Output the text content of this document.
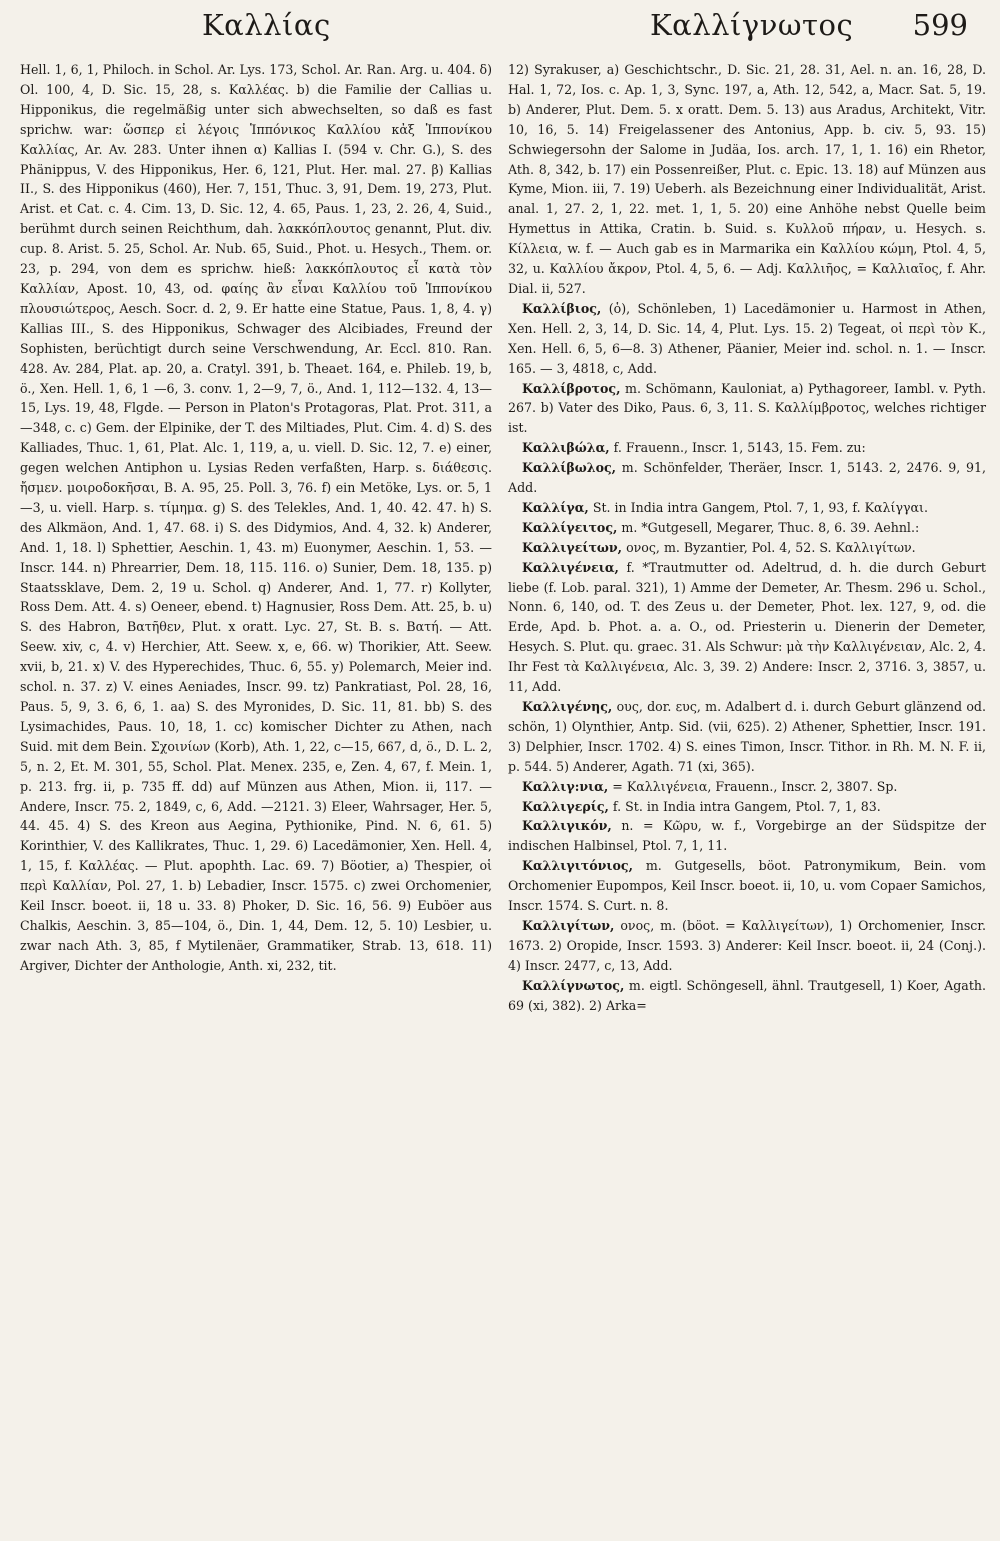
Καλλίας	Καλλίγνωτος 599

Hell. 1, 6, 1, Philoch. in Schol. Ar. Lys. 173, Schol. Ar. Ran. Arg. u. 404. δ) Ol. 100, 4, D. Sic. 15, 28, s. Καλλέας. b) die Familie der Callias u. Hipponikus, die regelmäßig unter sich abwechselten, so daß es fast sprichw. war: ὥσπερ εἰ λέγοις Ἱππόνικος Καλλίου κἀξ Ἱππονίκου Καλλίας, Ar. Av. 283. Unter ihnen α) Kallias I. (594 v. Chr. G.), S. des Phänippus, V. des Hipponikus, Her. 6, 121, Plut. Her. mal. 27. β) Kallias II., S. des Hipponikus (460), Her. 7, 151, Thuc. 3, 91, Dem. 19, 273, Plut. Arist. et Cat. c. 4. Cim. 13, D. Sic. 12, 4. 65, Paus. 1, 23, 2. 26, 4, Suid., berühmt durch seinen Reichthum, dah. λακκόπλουτος genannt, Plut. div. cup. 8. Arist. 5. 25, Schol. Ar. Nub. 65, Suid., Phot. u. Hesych., Them. or. 23, p. 294, von dem es sprichw. hieß: λακκόπλουτος εἶ κατὰ τὸν Καλλίαν, Apost. 10, 43, od. φαίης ἂν εἶναι Καλλίου τοῦ Ἱππονίκου πλουσιώτερος, Aesch. Socr. d. 2, 9. Er hatte eine Statue, Paus. 1, 8, 4. γ) Kallias III., S. des Hipponikus, Schwager des Alcibiades, Freund der Sophisten, berüchtigt durch seine Verschwendung, Ar. Eccl. 810. Ran. 428. Av. 284, Plat. ap. 20, a. Cratyl. 391, b. Theaet. 164, e. Phileb. 19, b, ö., Xen. Hell. 1, 6, 1 —6, 3. conv. 1, 2—9, 7, ö., And. 1, 112—132. 4, 13—15, Lys. 19, 48, Flgde. — Person in Platon's Protagoras, Plat. Prot. 311, a—348, c. c) Gem. der Elpinike, der T. des Miltiades, Plut. Cim. 4. d) S. des Kalliades, Thuc. 1, 61, Plat. Alc. 1, 119, a, u. viell. D. Sic. 12, 7. e) einer, gegen welchen Antiphon u. Lysias Reden verfaßten, Harp. s. διάθεσις. ἤσμεν. μοιροδοκῆσαι, B. A. 95, 25. Poll. 3, 76. f) ein Metöke, Lys. or. 5, 1—3, u. viell. Harp. s. τίμημα. g) S. des Telekles, And. 1, 40. 42. 47. h) S. des Alkmäon, And. 1, 47. 68. i) S. des Didymios, And. 4, 32. k) Anderer, And. 1, 18. l) Sphettier, Aeschin. 1, 43. m) Euonymer, Aeschin. 1, 53. — Inscr. 144. n) Phrearrier, Dem. 18, 115. 116. o) Sunier, Dem. 18, 135. p) Staatssklave, Dem. 2, 19 u. Schol. q) Anderer, And. 1, 77. r) Kollyter, Ross Dem. Att. 4. s) Oeneer, ebend. t) Hagnusier, Ross Dem. Att. 25, b. u) S. des Habron, Βατῆθεν, Plut. x oratt. Lyc. 27, St. B. s. Βατή. — Att. Seew. xiv, c, 4. v) Herchier, Att. Seew. x, e, 66. w) Thorikier, Att. Seew. xvii, b, 21. x) V. des Hyperechides, Thuc. 6, 55. y) Polemarch, Meier ind. schol. n. 37. z) V. eines Aeniades, Inscr. 99. tz) Pankratiast, Pol. 28, 16, Paus. 5, 9, 3. 6, 6, 1. aa) S. des Myronides, D. Sic. 11, 81. bb) S. des Lysimachides, Paus. 10, 18, 1. cc) komischer Dichter zu Athen, nach Suid. mit dem Bein. Σχοινίων (Korb), Ath. 1, 22, c—15, 667, d, ö., D. L. 2, 5, n. 2, Et. M. 301, 55, Schol. Plat. Menex. 235, e, Zen. 4, 67, f. Mein. 1, p. 213. frg. ii, p. 735 ff. dd) auf Münzen aus Athen, Mion. ii, 117. — Andere, Inscr. 75. 2, 1849, c, 6, Add. —2121. 3) Eleer, Wahrsager, Her. 5, 44. 45. 4) S. des Kreon aus Aegina, Pythionike, Pind. N. 6, 61. 5) Korinthier, V. des Kallikrates, Thuc. 1, 29. 6) Lacedämonier, Xen. Hell. 4, 1, 15, f. Καλλέας. — Plut. apophth. Lac. 69. 7) Böotier, a) Thespier, οἱ περὶ Καλλίαν, Pol. 27, 1. b) Lebadier, Inscr. 1575. c) zwei Orchomenier, Keil Inscr. boeot. ii, 18 u. 33. 8) Phoker, D. Sic. 16, 56. 9) Euböer aus Chalkis, Aeschin. 3, 85—104, ö., Din. 1, 44, Dem. 12, 5. 10) Lesbier, u. zwar nach Ath. 3, 85, f Mytilenäer, Grammatiker, Strab. 13, 618. 11) Argiver, Dichter der Anthologie, Anth. xi, 232, tit.

12) Syrakuser, a) Geschichtschr., D. Sic. 21, 28. 31, Ael. n. an. 16, 28, D. Hal. 1, 72, Ios. c. Ap. 1, 3, Sync. 197, a, Ath. 12, 542, a, Macr. Sat. 5, 19. b) Anderer, Plut. Dem. 5. x oratt. Dem. 5. 13) aus Aradus, Architekt, Vitr. 10, 16, 5. 14) Freigelassener des Antonius, App. b. civ. 5, 93. 15) Schwiegersohn der Salome in Judäa, Ios. arch. 17, 1, 1. 16) ein Rhetor, Ath. 8, 342, b. 17) ein Possenreißer, Plut. c. Epic. 13. 18) auf Münzen aus Kyme, Mion. iii, 7. 19) Ueberh. als Bezeichnung einer Individualität, Arist. anal. 1, 27. 2, 1, 22. met. 1, 1, 5. 20) eine Anhöhe nebst Quelle beim Hymettus in Attika, Cratin. b. Suid. s. Κυλλοῦ πήραν, u. Hesych. s. Κίλλεια, w. f. — Auch gab es in Marmarika ein Καλλίου κώμη, Ptol. 4, 5, 32, u. Καλλίου ἄκρον, Ptol. 4, 5, 6. — Adj. Καλλιῆος, = Καλλιαῖος, f. Ahr. Dial. ii, 527.

Καλλίβιος, (ὁ), Schönleben, 1) Lacedämonier u. Harmost in Athen, Xen. Hell. 2, 3, 14, D. Sic. 14, 4, Plut. Lys. 15. 2) Tegeat, οἱ περὶ τὸν K., Xen. Hell. 6, 5, 6—8. 3) Athener, Päanier, Meier ind. schol. n. 1. — Inscr. 165. — 3, 4818, c, Add.

Καλλίβροτος, m. Schömann, Kauloniat, a) Pythagoreer, Iambl. v. Pyth. 267. b) Vater des Diko, Paus. 6, 3, 11. S. Καλλίμβροτος, welches richtiger ist.

Καλλιβώλα, f. Frauenn., Inscr. 1, 5143, 15. Fem. zu:

Καλλίβωλος, m. Schönfelder, Theräer, Inscr. 1, 5143. 2, 2476. 9, 91, Add.

Καλλίγα, St. in India intra Gangem, Ptol. 7, 1, 93, f. Καλίγγαι.

Καλλίγειτος, m. *Gutgesell, Megarer, Thuc. 8, 6. 39. Aehnl.:

Καλλιγείτων, ονος, m. Byzantier, Pol. 4, 52. S. Καλλιγίτων.

Καλλιγένεια, f. *Trautmutter od. Adeltrud, d. h. die durch Geburt liebe (f. Lob. paral. 321), 1) Amme der Demeter, Ar. Thesm. 296 u. Schol., Nonn. 6, 140, od. T. des Zeus u. der Demeter, Phot. lex. 127, 9, od. die Erde, Apd. b. Phot. a. a. O., od. Priesterin u. Dienerin der Demeter, Hesych. S. Plut. qu. graec. 31. Als Schwur: μὰ τὴν Καλλιγένειαν, Alc. 2, 4. Ihr Fest τὰ Καλλιγένεια, Alc. 3, 39. 2) Andere: Inscr. 2, 3716. 3, 3857, u. 11, Add.

Καλλιγένης, ους, dor. ευς, m. Adalbert d. i. durch Geburt glänzend od. schön, 1) Olynthier, Antp. Sid. (vii, 625). 2) Athener, Sphettier, Inscr. 191. 3) Delphier, Inscr. 1702. 4) S. eines Timon, Inscr. Tithor. in Rh. M. N. F. ii, p. 544. 5) Anderer, Agath. 71 (xi, 365).

Καλλιγ:νια, = Καλλιγένεια, Frauenn., Inscr. 2, 3807. Sp.

Καλλιγερίς, f. St. in India intra Gangem, Ptol. 7, 1, 83.

Καλλιγικόν, n. = Κῶρυ, w. f., Vorgebirge an der Südspitze der indischen Halbinsel, Ptol. 7, 1, 11.

Καλλιγιτόνιος, m. Gutgesells, böot. Patronymikum, Bein. vom Orchomenier Eupompos, Keil Inscr. boeot. ii, 10, u. vom Copaer Samichos, Inscr. 1574. S. Curt. n. 8.

Καλλιγίτων, ονος, m. (böot. = Καλλιγείτων), 1) Orchomenier, Inscr. 1673. 2) Oropide, Inscr. 1593. 3) Anderer: Keil Inscr. boeot. ii, 24 (Conj.). 4) Inscr. 2477, c, 13, Add.

Καλλίγνωτος, m. eigtl. Schöngesell, ähnl. Trautgesell, 1) Koer, Agath. 69 (xi, 382). 2) Arka=
